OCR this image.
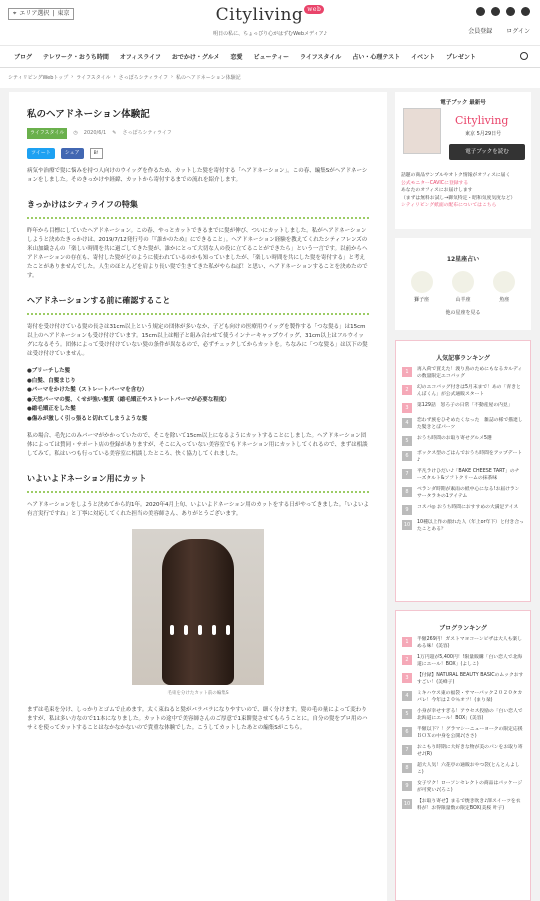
⌖ エリア選択 | 東京	Cityliving web
明日の私に、ちょっぴり心がはずむWebメディア♪	会員登録 ログイン
ブログ テレワーク・おうち時間 オフィスライフ おでかけ・グルメ 恋愛 ビューティー ライフスタイル 占い・心理テスト イベント プレゼント
シティリビングWebトップ › ライフスタイル › さっぽろシティライフ › 私のヘアドネーション体験記
私のヘアドネーション体験記
ライフスタイル	◷ 2020/6/1 ✎ さっぽろシティライフ
ツイート	シェア	B!

病気や治療で髪に悩みを持つ人向けのウイッグを作るため、カットした髪を寄付する「ヘアドネーション」。この春、編集Sがヘアドネーションをしました。そのきっかけや経緯、カットから寄付するまでの流れを紹介します。

きっかけはシティライフの特集

昨年から目標にしていたヘアドネーション。この春、やっとカットできるまでに髪が伸び、ついにカットしました。私がヘアドネーションしようと決めたきっかけは、2019/7/12発行号の「『誰かのため』にできること」。ヘアドネーション経験を教えてくれたシティフレンズの米山加織さんの「楽しい時間を共に過ごしてきた髪が、誰かにとって大切な人の役に立てることができたら」という一言です。以前からヘアドネーションの存在も、寄付した髪がどのように使われているのかも知っていましたが、「楽しい時間を共にした髪を寄付する」と考えたことがありませんでした。人生のほとんどを肩より長い髪で生きてきた私がやらねば！と思い、ヘアドネーションすることを決めたのです。

ヘアドネーションする前に確認すること

寄付を受け付けている髪の長さは31cm以上という規定の団体が多いなか、子ども向けの医療用ウイッグを製作する「つな髪る」は15cm以上のヘアドネーションも受け付けています。15cm以上は帽子と組み合わせて使うインナーキャップウイッグ、31cm以上はフルウイッグになるそう。団体によって受け付けていない髪の条件が異なるので、必ずチェックしてからカットを。ちなみに「つな髪る」は以下の髪は受け付けていません。

●ブリーチした髪
●白髪、白髪まじり
●パーマをかけた髪（ストレートパーマを含む）
●天然パーマの髪、くせが強い髪質（縮毛矯正やストレートパーマが必要な程度）
●縮毛矯正をした髪
●傷みが激しく引っ張ると切れてしまうような髪

私の場合、毛先にのみパーマがかかっていたので、そこを除いて15cm以上になるようにカットすることにしました。ヘアドネーション団体によっては賛同・サポート店の登録がありますが、そこに入っていない美容室でもドネーション用にカットしてくれるので、まずは相談してみて。私はいつも行っている美容室に相談したところ、快く協力してくれました。

いよいよドネーション用にカット

ヘアドネーションをしようと決めてから約1年。2020年4月上旬、いよいよドネーション用のカットをする日がやってきました。「いよいよ有言実行ですね」と丁寧に対応してくれた担当の美容師さん、ありがとうございます。

毛束を分けたカット前の編集S

まずは毛束を分け、しっかりとゴムで止めます。太く束ねると髪がバラバラになりやすいので、細く分けます。髪の毛の量によって変わりますが、私は多い方なので11本になりました。カットの途中で美容師さんのご厚意で1束餅髪させてもらうことに。自分の髪をプロ用のハサミを使ってカットすることはなかなかないので貴重な体験でした。こうしてカットしたあとの編集Sがこちら。

電子ブック 最新号
Cityliving
東京 5月29日号
電子ブックを読む
話題の商品サンプルやオトク情報がオフィスに届く
公式モニターCAVICに登録する
あなたのオフィスにお届けします
（まずは無料お試し→御気特定・昭和気度気度など）
シティリビング紙面の配布についてはこちら
12星座占い
獅子座	山羊座	魚座
他の星座を見る
人気記事ランキング
1	再入荷で買えた！渡り鳥のためにもなるカルディの数量限定エコバッグ
2	幻のエコバッグ付きは5月末まで！あの「青きとんぼくん」が公式通販スタート
3	第129話　怒ろ子の日常「不動産屋の内見」
4	恋わず族をひそめたくなった　雑誌の様で描達した髪きとぼパーツ
5	おうち時間のお取り寄せグルメ5選
6	ボックス型のごはんでおうち時間をアップデート♪
7	平凡ラけひだい♪「BAKE CHEESE TART」のチーズタルト&ソフトクリームの抹茶味
8	ベランダ時期が素雨の紙中心になる!お届けランサータラキの1アイテム
9	コスパ◎ おうち時間におすすめの大満足アイス
10	10種以上作の顔れた人（年上or年下）と付き合ったことある？
ブログランキング
1	半額269円！ガストマヨコーンピザは大人も楽しめる味！(美容)
2	1万円超が5,400円！!限量販購「白い恋人で北海道にエール！BOX」(よしこ)
3	【付録】NATURAL BEAUTY BASICのムックおすすごい！(美峰子)
4	ミキハウス東の福袋・サマーバック２０２０タカバレ！今年は２０％オフ！(まり栞)
5	小身が幸せすぎる！アウセス投励の「白い恋人で北海道にエール！BOX」(美容)
6	半額以下？！グラマシーニューヨークの限定応援ＢＯＸの中身を公開♪(ささ)
7	おこもり時期に大好きな物が美のパンをお取り寄せ♪(R)
8	超大人気！六花亭の通販おやつ袋(とんとんよしこ)
9	女子ワク！ローソンセレクトの商品はパッケージが可愛い♪(ろこ)
10	【お取り寄せ】まるで焼き吹き♪澤スイーツを衣料が！お得限量数の限定BOX(美桜 叶子)
